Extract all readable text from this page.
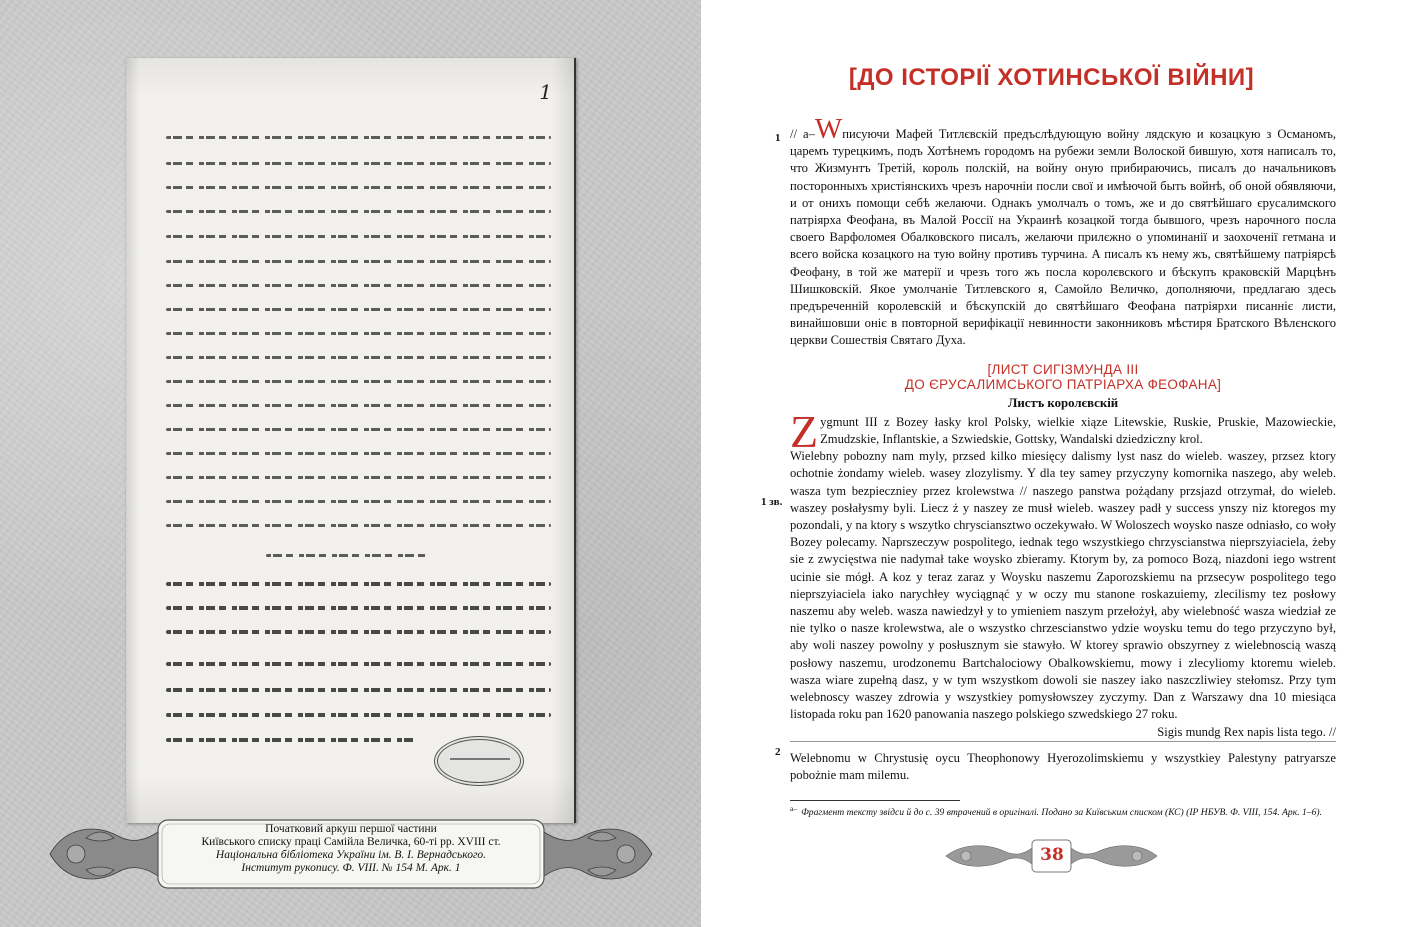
1
Початковий аркуш першої частини
Київського списку праці Самійла Величка, 60-ті рр. XVIII ст.
Національна бібліотека України ім. В. І. Вернадського.
Інститут рукопису. Ф. VIII. № 154 М. Арк. 1
[ДО ІСТОРІЇ ХОТИНСЬКОЇ ВІЙНИ]
1
1 зв.
2

// а–Wписуючи Мафей Титлєвскій предъслѣдующую войну лядскую и козацкую з Османомъ, царемъ турецкимъ, подъ Хотѣнемъ городомъ на рубежи земли Волоской бившую, хотя написалъ то, что Жизмунтъ Третій, король полскій, на войну оную прибираючись, писалъ до начальниковъ посторонныхъ христіянскихъ чрезъ нарочніи посли свої и имѣючой быть войнѣ, об оной обявляючи, и от онихъ помощи себѣ желаючи. Однакъ умолчалъ о томъ, же и до святѣйшаго єрусалимского патріярха Феофана, въ Малой Россії на Украинѣ козацкой тогда бывшого, чрезъ нарочного посла своего Варфоломея Обалковского писалъ, желаючи прилєжно о упоминанії и заохоченії гетмана и всего войска козацкого на тую войну противъ турчина. А писалъ къ нему жъ, святѣйшему патріярсѣ Феофану, в той же матерії и чрезъ того жъ посла королєвского и бѣскупъ краковскій Марцѣнъ Шишковскій. Якое умолчаніе Титлевского я, Самойло Величко, дополняючи, предлагаю здесь предъреченній королевскій и бѣскупскій до святѣйшаго Феофана патріярхи писанніє листи, винайшовши оніє в повторной верифікації невинности законниковъ мѣстиря Братского Вѣлєнского церкви Сошествія Святаго Духа.

[ЛИСТ СИГІЗМУНДА III
ДО ЄРУСАЛИМСЬКОГО ПАТРІАРХА ФЕОФАНА]
Листъ королєвскій
Z ygmunt III z Bozey łasky krol Polsky, wielkie xiąze Litewskie, Ruskie, Pruskie, Mazowieckie, Zmudzskie, Inflantskie, a Szwiedskie, Gottsky, Wandalski dziedziczny krol.

Wielebny pobozny nam myly, przsed kilko miesięcy dalismy lyst nasz do wieleb. waszey, przsez ktory ochotnie żondamy wieleb. wasey zlozylismy. Y dla tey samey przyczyny komornika naszego, aby weleb. wasza tym bezpieczniey przez krolewstwa // naszego panstwa pożądany przsjazd otrzymał, do wieleb. waszey posłałysmy byli. Liecz ż y naszey ze musł wieleb. waszey padł y success ynszy niz ktoregos my pozondali, y na ktory s wszytko chrysciansztwo oczekywało. W Woloszech woysko nasze odniasło, co woły Bozey polecamy. Naprszeczyw pospolitego, iednak tego wszystkiego chrzyscianstwa nieprszyiaciela, żeby sie z zwycięstwa nie nadymał take woysko zbieramy. Ktorym by, za pomoco Bozą, niazdoni iego wstrent ucinie sie mógł. A koz y teraz zaraz y Woysku naszemu Zaporozskiemu na przsecyw pospolitego tego nieprszyiaciela iako narychłey wyciągnąć y w oczy mu stanone roskazuiemy, zlecilismy tez posłowy naszemu aby weleb. wasza nawiedzył y to ymieniem naszym przełożył, aby wielebność wasza wiedział ze nie tylko o nasze krolewstwa, ale o wszystko chrzescianstwo ydzie woysku temu do tego przyczyno był, aby woli naszey powolny y posłusznym sie stawyło. W ktorey sprawio obszyrney z wielebnoscią waszą posłowy naszemu, urodzonemu Bartchalociowy Obalkowskiemu, mowy i zlecyliomy ktoremu wieleb. wasza wiare zupełną dasz, y w tym wszystkom dowoli sie naszey iako naszczliwiey stełomsz. Przy tym welebnoscy waszey zdrowia y wszystkiey pomysłowszey zyczymy. Dan z Warszawy dna 10 miesiąca listopada roku pan 1620 panowania naszego polskiego szwedskiego 27 roku.

Sigis mundg Rex napis lista tego. //

Welebnomu w Chrystusię oycu Theophonowy Hyerozolimskiemu y wszystkiey Palestyny patryarsze pobożnie mam milemu.

$^{а-}$ Фрагмент тексту звідси й до с. 39 втрачений в оригіналі. Подано за Київським списком (КС) (ІР НБУВ. Ф. VIII, 154. Арк. 1–6).
38
